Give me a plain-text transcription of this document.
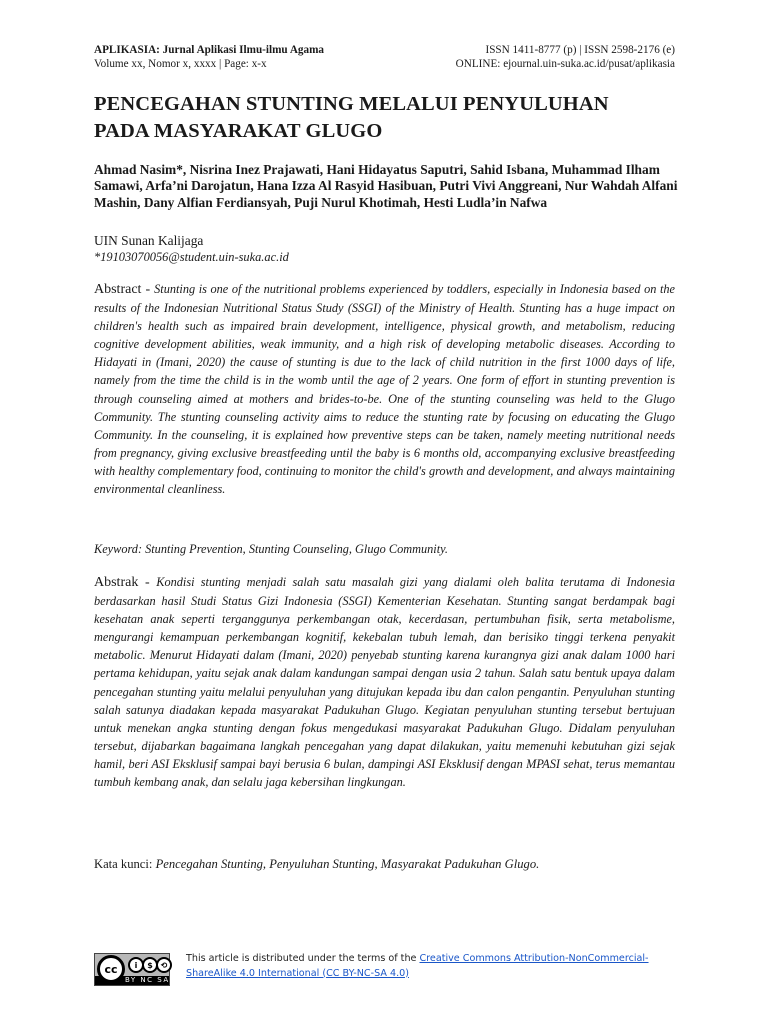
APLIKASIA: Jurnal Aplikasi Ilmu-ilmu Agama	ISSN 1411-8777 (p) | ISSN 2598-2176 (e)
Volume xx, Nomor x, xxxx | Page: x-x	ONLINE: ejournal.uin-suka.ac.id/pusat/aplikasia
PENCEGAHAN STUNTING MELALUI PENYULUHAN
PADA MASYARAKAT GLUGO
Ahmad Nasim*, Nisrina Inez Prajawati, Hani Hidayatus Saputri, Sahid Isbana, Muhammad Ilham Samawi, Arfa’ni Darojatun, Hana Izza Al Rasyid Hasibuan, Putri Vivi Anggreani, Nur Wahdah Alfani Mashin, Dany Alfian Ferdiansyah, Puji Nurul Khotimah, Hesti Ludla’in Nafwa
UIN Sunan Kalijaga
*19103070056@student.uin-suka.ac.id
Abstract - Stunting is one of the nutritional problems experienced by toddlers, especially in Indonesia based on the results of the Indonesian Nutritional Status Study (SSGI) of the Ministry of Health. Stunting has a huge impact on children's health such as impaired brain development, intelligence, physical growth, and metabolism, reducing cognitive development abilities, weak immunity, and a high risk of developing metabolic diseases. According to Hidayati in (Imani, 2020) the cause of stunting is due to the lack of child nutrition in the first 1000 days of life, namely from the time the child is in the womb until the age of 2 years. One form of effort in stunting prevention is through counseling aimed at mothers and brides-to-be. One of the stunting counseling was held to the Glugo Community. The stunting counseling activity aims to reduce the stunting rate by focusing on educating the Glugo Community. In the counseling, it is explained how preventive steps can be taken, namely meeting nutritional needs from pregnancy, giving exclusive breastfeeding until the baby is 6 months old, accompanying exclusive breastfeeding with healthy complementary food, continuing to monitor the child's growth and development, and always maintaining environmental cleanliness.
Keyword: Stunting Prevention, Stunting Counseling, Glugo Community.
Abstrak - Kondisi stunting menjadi salah satu masalah gizi yang dialami oleh balita terutama di Indonesia berdasarkan hasil Studi Status Gizi Indonesia (SSGI) Kementerian Kesehatan. Stunting sangat berdampak bagi kesehatan anak seperti terganggunya perkembangan otak, kecerdasan, pertumbuhan fisik, serta metabolisme, mengurangi kemampuan perkembangan kognitif, kekebalan tubuh lemah, dan berisiko tinggi terkena penyakit metabolic. Menurut Hidayati dalam (Imani, 2020) penyebab stunting karena kurangnya gizi anak dalam 1000 hari pertama kehidupan, yaitu sejak anak dalam kandungan sampai dengan usia 2 tahun. Salah satu bentuk upaya dalam pencegahan stunting yaitu melalui penyuluhan yang ditujukan kepada ibu dan calon pengantin. Penyuluhan stunting salah satunya diadakan kepada masyarakat Padukuhan Glugo. Kegiatan penyuluhan stunting tersebut bertujuan untuk menekan angka stunting dengan fokus mengedukasi masyarakat Padukuhan Glugo. Didalam penyuluhan tersebut, dijabarkan bagaimana langkah pencegahan yang dapat dilakukan, yaitu memenuhi kebutuhan gizi sejak hamil, beri ASI Eksklusif sampai bayi berusia 6 bulan, dampingi ASI Eksklusif dengan MPASI sehat, terus memantau tumbuh kembang anak, dan selalu jaga kebersihan lingkungan.
Kata kunci: Pencegahan Stunting, Penyuluhan Stunting, Masyarakat Padukuhan Glugo.
cc	i	$ ⟲
BY NC SA
This article is distributed under the terms of the Creative Commons Attribution-NonCommercial-ShareAlike 4.0 International (CC BY-NC-SA 4.0)
